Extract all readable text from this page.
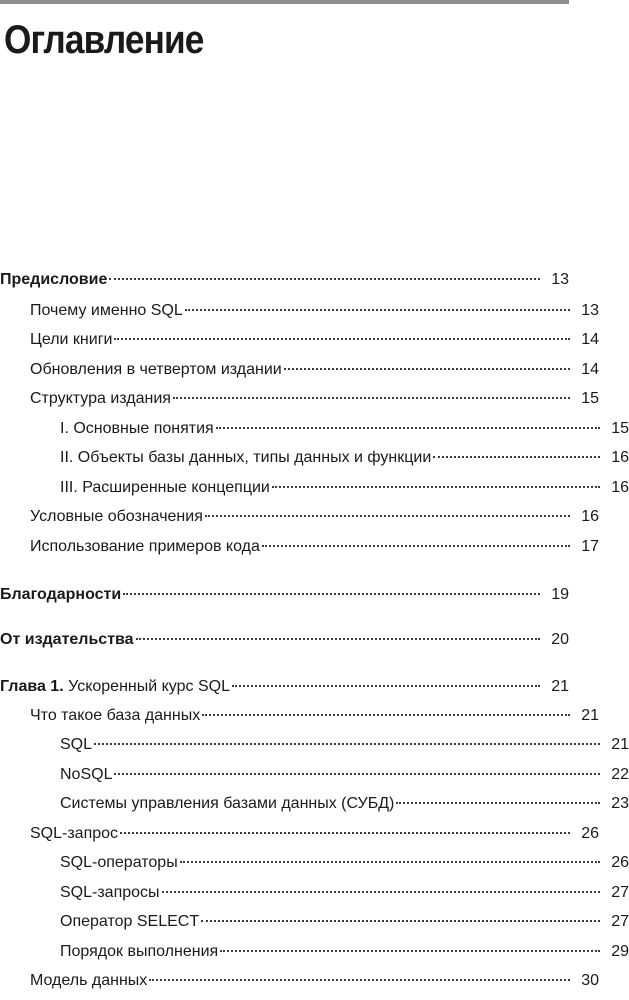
Оглавление
Предисловие	13
Почему именно SQL	13
Цели книги	14
Обновления в четвертом издании	14
Структура издания	15
I. Основные понятия	15
II. Объекты базы данных, типы данных и функции	16
III. Расширенные концепции	16
Условные обозначения	16
Использование примеров кода	17
Благодарности	19
От издательства	20
Глава 1. Ускоренный курс SQL	21
Что такое база данных	21
SQL	21
NoSQL	22
Системы управления базами данных (СУБД)	23
SQL-запрос	26
SQL-операторы	26
SQL-запросы	27
Оператор SELECT	27
Порядок выполнения	29
Модель данных	30
